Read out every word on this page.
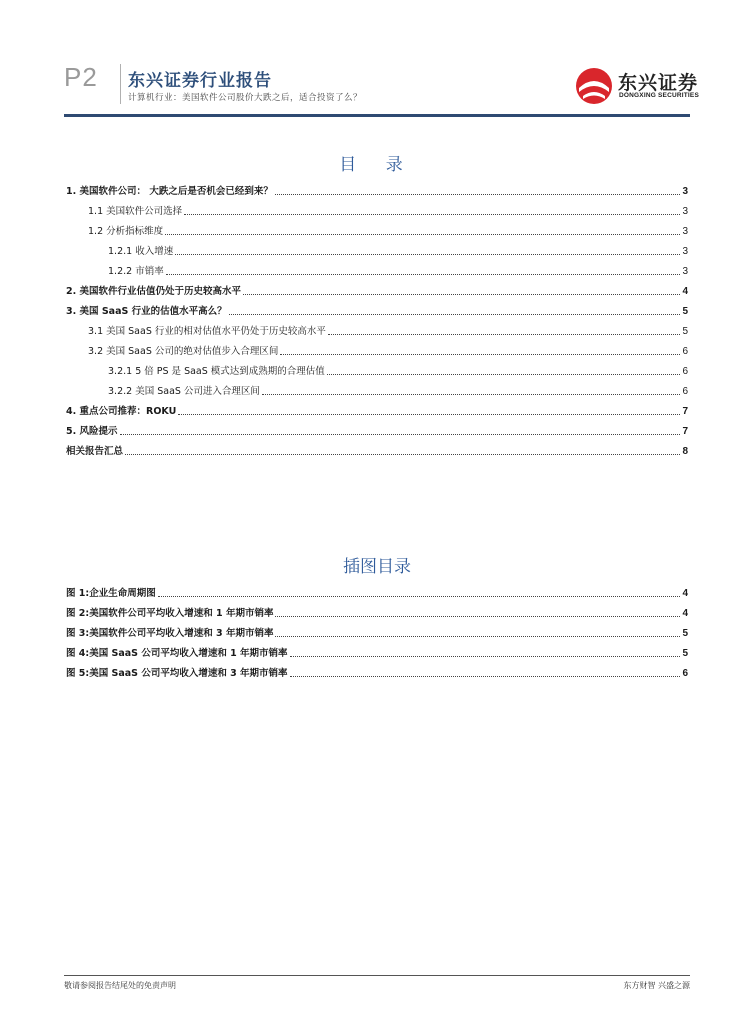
P2 东兴证券行业报告
计算机行业：美国软件公司股价大跌之后，适合投资了么？
东兴证券
DONGXING SECURITIES
目 录
1. 美国软件公司： 大跌之后是否机会已经到来？	3
1.1 美国软件公司选择	3
1.2 分析指标维度	3
1.2.1 收入增速	3
1.2.2 市销率	3
2. 美国软件行业估值仍处于历史较高水平	4
3. 美国 SaaS 行业的估值水平高么？	5
3.1 美国 SaaS 行业的相对估值水平仍处于历史较高水平	5
3.2 美国 SaaS 公司的绝对估值步入合理区间	6
3.2.1 5 倍 PS 是 SaaS 模式达到成熟期的合理估值	6
3.2.2 美国 SaaS 公司进入合理区间	6
4. 重点公司推荐：ROKU	7
5. 风险提示	7
相关报告汇总	8
插图目录
图 1:企业生命周期图	4
图 2:美国软件公司平均收入增速和 1 年期市销率	4
图 3:美国软件公司平均收入增速和 3 年期市销率	5
图 4:美国 SaaS 公司平均收入增速和 1 年期市销率	5
图 5:美国 SaaS 公司平均收入增速和 3 年期市销率	6
敬请参阅报告结尾处的免责声明	东方财智 兴盛之源
